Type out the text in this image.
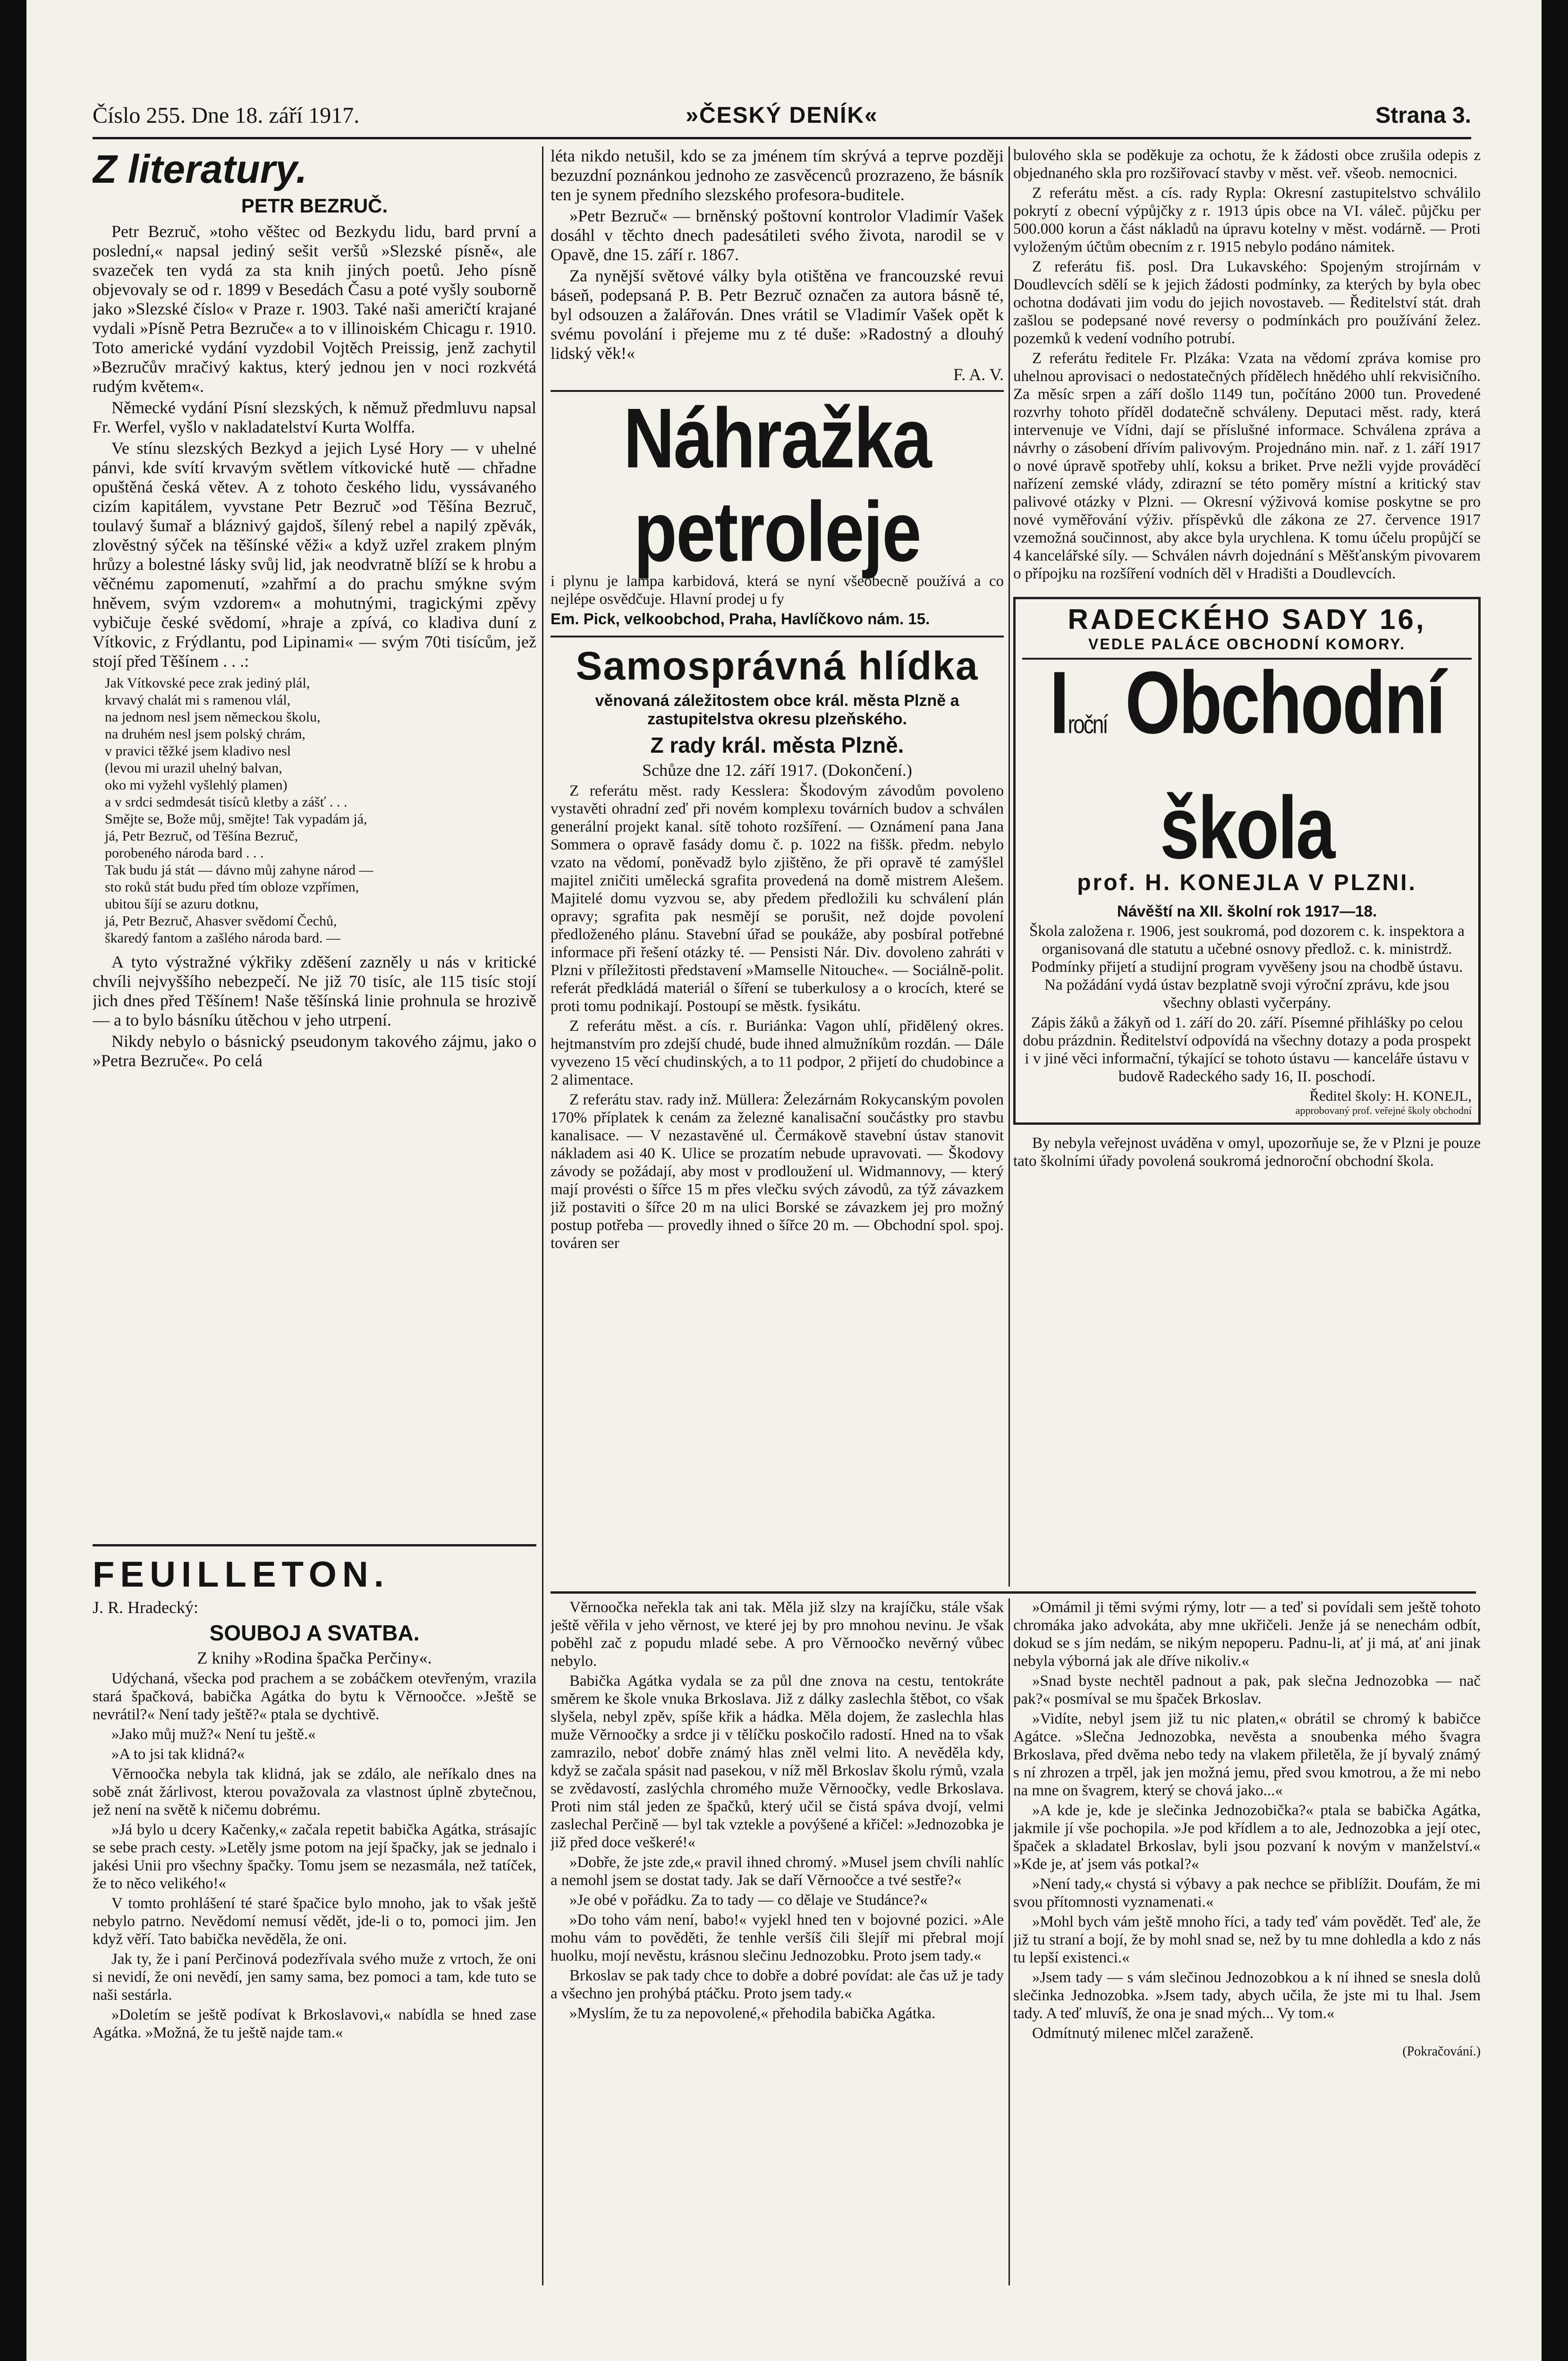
Číslo 255. Dne 18. září 1917.	»ČESKÝ DENÍK«	Strana 3.
Z literatury.
PETR BEZRUČ.

Petr Bezruč, »toho věštec od Bezkydu lidu, bard první a poslední,« napsal jediný sešit veršů »Slezské písně«, ale svazeček ten vydá za sta knih jiných poetů. Jeho písně objevovaly se od r. 1899 v Besedách Času a poté vyšly souborně jako »Slezské číslo« v Praze r. 1903. Také naši američtí krajané vydali »Písně Petra Bezruče« a to v illinoiském Chicagu r. 1910. Toto americké vydání vyzdobil Vojtěch Preissig, jenž zachytil »Bezručův mračivý kaktus, který jednou jen v noci rozkvétá rudým květem«.

Německé vydání Písní slezských, k němuž předmluvu napsal Fr. Werfel, vyšlo v nakladatelství Kurta Wolffa.

Ve stínu slezských Bezkyd a jejich Lysé Hory — v uhelné pánvi, kde svítí krvavým světlem vítkovické hutě — chřadne opuštěná česká větev. A z tohoto českého lidu, vyssávaného cizím kapitálem, vyvstane Petr Bezruč »od Těšína Bezruč, toulavý šumař a bláznivý gajdoš, šílený rebel a napilý zpěvák, zlověstný sýček na těšínské věži« a když uzřel zrakem plným hrůzy a bolestné lásky svůj lid, jak neodvratně blíží se k hrobu a věčnému zapomenutí, »zahřmí a do prachu smýkne svým hněvem, svým vzdorem« a mohutnými, tragickými zpěvy vybičuje české svědomí, »hraje a zpívá, co kladiva duní z Vítkovic, z Frýdlantu, pod Lipinami« — svým 70ti tisícům, jež stojí před Těšínem . . .:

Jak Vítkovské pece zrak jediný plál,
krvavý chalát mi s ramenou vlál,
na jednom nesl jsem německou školu,
na druhém nesl jsem polský chrám,
v pravici těžké jsem kladivo nesl
(levou mi urazil uhelný balvan,
oko mi vyžehl vyšlehlý plamen)
a v srdci sedmdesát tisíců kletby a zášť . . .
Smějte se, Bože můj, smějte! Tak vypadám já,
já, Petr Bezruč, od Těšína Bezruč,
porobeného národa bard . . .
Tak budu já stát — dávno můj zahyne národ —
sto roků stát budu před tím obloze vzpřímen,
ubitou šíjí se azuru dotknu,
já, Petr Bezruč, Ahasver svědomí Čechů,
škaredý fantom a zašlého národa bard. —

A tyto výstražné výkřiky zděšení zazněly u nás v kritické chvíli nejvyššího nebezpečí. Ne již 70 tisíc, ale 115 tisíc stojí jich dnes před Těšínem! Naše těšínská linie prohnula se hrozivě — a to bylo básníku útěchou v jeho utrpení.

Nikdy nebylo o básnický pseudonym takového zájmu, jako o »Petra Bezruče«. Po celá

léta nikdo netušil, kdo se za jménem tím skrývá a teprve později bezuzdní poznánkou jednoho ze zasvěcenců prozrazeno, že básník ten je synem předního slezského profesora-buditele.

»Petr Bezruč« — brněnský poštovní kontrolor Vladimír Vašek dosáhl v těchto dnech padesátileti svého života, narodil se v Opavě, dne 15. září r. 1867.

Za nynější světové války byla otištěna ve francouzské revui báseň, podepsaná P. B. Petr Bezruč označen za autora básně té, byl odsouzen a žalářován. Dnes vrátil se Vladimír Vašek opět k svému povolání i přejeme mu z té duše: »Radostný a dlouhý lidský věk!«

F. A. V.

Náhražka petroleje

i plynu je lampa karbidová, která se nyní všeobecně používá a co nejlépe osvědčuje. Hlavní prodej u fy

Em. Pick, velkoobchod, Praha, Havlíčkovo nám. 15.

Samosprávná hlídka
věnovaná záležitostem obce král. města Plzně a zastupitelstva okresu plzeňského.
Z rady král. města Plzně.

Schůze dne 12. září 1917. (Dokončení.)

Z referátu měst. rady Kesslera: Škodovým závodům povoleno vystavěti ohradní zeď při novém komplexu továrních budov a schválen generální projekt kanal. sítě tohoto rozšíření. — Oznámení pana Jana Sommera o opravě fasády domu č. p. 1022 na fiššk. předm. nebylo vzato na vědomí, poněvadž bylo zjištěno, že při opravě té zamýšlel majitel zničiti umělecká sgrafita provedená na domě mistrem Alešem. Majitelé domu vyzvou se, aby předem předložili ku schválení plán opravy; sgrafita pak nesmějí se porušit, než dojde povolení předloženého plánu. Stavební úřad se poukáže, aby posbíral potřebné informace při řešení otázky té. — Pensisti Nár. Div. dovoleno zahráti v Plzni v příležitosti představení »Mamselle Nitouche«. — Sociálně-polit. referát předkládá materiál o šíření se tuberkulosy a o krocích, které se proti tomu podnikají. Postoupí se městk. fysikátu.

Z referátu měst. a cís. r. Buriánka: Vagon uhlí, přidělený okres. hejtmanstvím pro zdejší chudé, bude ihned almužníkům rozdán. — Dále vyvezeno 15 věcí chudinských, a to 11 podpor, 2 přijetí do chudobince a 2 alimentace.

Z referátu stav. rady inž. Müllera: Železárnám Rokycanským povolen 170% příplatek k cenám za železné kanalisační součástky pro stavbu kanalisace. — V nezastavěné ul. Čermákově stavební ústav stanovit nákladem asi 40 K. Ulice se prozatím nebude upravovati. — Škodovy závody se požádají, aby most v prodloužení ul. Widmannovy, — který mají provésti o šířce 15 m přes vlečku svých závodů, za týž závazkem již postaviti o šířce 20 m na ulici Borské se závazkem jej pro možný postup potřeba — provedly ihned o šířce 20 m. — Obchodní spol. spoj. továren ser

bulového skla se poděkuje za ochotu, že k žádosti obce zrušila odepis z objednaného skla pro rozšiřovací stavby v měst. veř. všeob. nemocnici.

Z referátu měst. a cís. rady Rypla: Okresní zastupitelstvo schválilo pokrytí z obecní výpůjčky z r. 1913 úpis obce na VI. váleč. půjčku per 500.000 korun a část nákladů na úpravu kotelny v měst. vodárně. — Proti vyloženým účtům obecním z r. 1915 nebylo podáno námitek.

Z referátu fiš. posl. Dra Lukavského: Spojeným strojírnám v Doudlevcích sdělí se k jejich žádosti podmínky, za kterých by byla obec ochotna dodávati jim vodu do jejich novostaveb. — Ředitelství stát. drah zašlou se podepsané nové reversy o podmínkách pro používání želez. pozemků k vedení vodního potrubí.

Z referátu ředitele Fr. Plzáka: Vzata na vědomí zpráva komise pro uhelnou aprovisaci o nedostatečných přídělech hnědého uhlí rekvisičního. Za měsíc srpen a září došlo 1149 tun, počítáno 2000 tun. Provedené rozvrhy tohoto příděl dodatečně schváleny. Deputaci měst. rady, která intervenuje ve Vídni, dají se příslušné informace. Schválena zpráva a návrhy o zásobení dřívím palivovým. Projednáno min. nař. z 1. září 1917 o nové úpravě spotřeby uhlí, koksu a briket. Prve nežli vyjde prováděcí nařízení zemské vlády, zdirazní se této poměry místní a kritický stav palivové otázky v Plzni. — Okresní výživová komise poskytne se pro nové vyměřování výživ. příspěvků dle zákona ze 27. července 1917 vzemožná součinnost, aby akce byla urychlena. K tomu účelu propůjčí se 4 kancelářské síly. — Schválen návrh dojednání s Měšťanským pivovarem o přípojku na rozšíření vodních děl v Hradišti a Doudlevcích.

RADECKÉHO SADY 16,
VEDLE PALÁCE OBCHODNÍ KOMORY.
Iroční Obchodní škola
prof. H. KONEJLA V PLZNI.

Návěští na XII. školní rok 1917—18.

Škola založena r. 1906, jest soukromá, pod dozorem c. k. inspektora a organisovaná dle statutu a učebné osnovy předlož. c. k. ministrdž. Podmínky přijetí a studijní program vyvěšeny jsou na chodbě ústavu. Na požádání vydá ústav bezplatně svoji výroční zprávu, kde jsou všechny oblasti vyčerpány.

Zápis žáků a žákyň od 1. září do 20. září. Písemné přihlášky po celou dobu prázdnin. Ředitelství odpovídá na všechny dotazy a poda prospekt i v jiné věci informační, týkající se tohoto ústavu — kanceláře ústavu v budově Radeckého sady 16, II. poschodí.

Ředitel školy: H. KONEJL,
approbovaný prof. veřejné školy obchodní

By nebyla veřejnost uváděna v omyl, upozorňuje se, že v Plzni je pouze tato školními úřady povolená soukromá jednoroční obchodní škola.

FEUILLETON.

J. R. Hradecký:

SOUBOJ A SVATBA.

Z knihy »Rodina špačka Perčiny«.

Udýchaná, všecka pod prachem a se zobáčkem otevřeným, vrazila stará špačková, babička Agátka do bytu k Věrnoočce. »Ještě se nevrátil?« Není tady ještě?« ptala se dychtivě.

»Jako můj muž?« Není tu ještě.«

»A to jsi tak klidná?«

Věrnoočka nebyla tak klidná, jak se zdálo, ale neříkalo dnes na sobě znát žárlivost, kterou považovala za vlastnost úplně zbytečnou, jež není na světě k ničemu dobrému.

»Já bylo u dcery Kačenky,« začala repetit babička Agátka, strásajíc se sebe prach cesty. »Letěly jsme potom na její špačky, jak se jednalo i jakési Unii pro všechny špačky. Tomu jsem se nezasmála, než tatíček, že to něco velikého!«

V tomto prohlášení té staré špačice bylo mnoho, jak to však ještě nebylo patrno. Nevědomí nemusí vědět, jde-li o to, pomoci jim. Jen když věří. Tato babička nevěděla, že oni.

Jak ty, že i paní Perčinová podezřívala svého muže z vrtoch, že oni si nevidí, že oni nevědí, jen samy sama, bez pomoci a tam, kde tuto se naši sestárla.

»Doletím se ještě podívat k Brkoslavovi,« nabídla se hned zase Agátka. »Možná, že tu ještě najde tam.«

Věrnoočka neřekla tak ani tak. Měla již slzy na krajíčku, stále však ještě věřila v jeho věrnost, ve které jej by pro mnohou nevinu. Je však poběhl zač z popudu mladé sebe. A pro Věrnoočko nevěrný vůbec nebylo.

Babička Agátka vydala se za půl dne znova na cestu, tentokráte směrem ke škole vnuka Brkoslava. Již z dálky zaslechla štěbot, co však slyšela, nebyl zpěv, spíše křik a hádka. Měla dojem, že zaslechla hlas muže Věrnoočky a srdce ji v tělíčku poskočilo radostí. Hned na to však zamrazilo, neboť dobře známý hlas zněl velmi lito. A nevěděla kdy, když se začala spásit nad pasekou, v níž měl Brkoslav školu rýmů, vzala se zvědavostí, zaslýchla chromého muže Věrnoočky, vedle Brkoslava. Proti nim stál jeden ze špačků, který učil se čistá spáva dvojí, velmi zaslechal Perčině — byl tak vztekle a povýšené a křičel: »Jednozobka je již před doce veškeré!«

»Dobře, že jste zde,« pravil ihned chromý. »Musel jsem chvíli nahlíc a nemohl jsem se dostat tady. Jak se daří Věrnoočce a tvé sestře?«

»Je obé v pořádku. Za to tady — co dělaje ve Studánce?«

»Do toho vám není, babo!« vyjekl hned ten v bojovné pozici. »Ale mohu vám to pověděti, že tenhle veršíš čili šlejíř mi přebral mojí huolku, mojí nevěstu, krásnou slečinu Jednozobku. Proto jsem tady.«

Brkoslav se pak tady chce to dobře a dobré povídat: ale čas už je tady a všechno jen prohýbá ptáčku. Proto jsem tady.«

»Myslím, že tu za nepovolené,« přehodila babička Agátka.

»Omámil ji těmi svými rýmy, lotr — a teď si povídali sem ještě tohoto chromáka jako advokáta, aby mne ukřičeli. Jenže já se nenechám odbít, dokud se s jím nedám, se nikým nepoperu. Padnu-li, ať ji má, ať ani jinak nebyla výborná jak ale dříve nikoliv.«

»Snad byste nechtěl padnout a pak, pak slečna Jednozobka — nač pak?« posmíval se mu špaček Brkoslav.

»Vidíte, nebyl jsem již tu nic platen,« obrátil se chromý k babičce Agátce. »Slečna Jednozobka, nevěsta a snoubenka mého švagra Brkoslava, před dvěma nebo tedy na vlakem přiletěla, že jí byvalý známý s ní zhrozen a trpěl, jak jen možná jemu, před svou kmotrou, a že mi nebo na mne on švagrem, který se chová jako...«

»A kde je, kde je slečinka Jednozobička?« ptala se babička Agátka, jakmile jí vše pochopila. »Je pod křídlem a to ale, Jednozobka a její otec, špaček a skladatel Brkoslav, byli jsou pozvaní k novým v manželství.« »Kde je, ať jsem vás potkal?«

»Není tady,« chystá si výbavy a pak nechce se přiblížit. Doufám, že mi svou přítomnosti vyznamenati.«

»Mohl bych vám ještě mnoho říci, a tady teď vám povědět. Teď ale, že již tu straní a bojí, že by mohl snad se, než by tu mne dohledla a kdo z nás tu lepší existenci.«

»Jsem tady — s vám slečinou Jednozobkou a k ní ihned se snesla dolů slečinka Jednozobka. »Jsem tady, abych učila, že jste mi tu lhal. Jsem tady. A teď mluvíš, že ona je snad mých... Vy tom.«

Odmítnutý milenec mlčel zaraženě.

(Pokračování.)
